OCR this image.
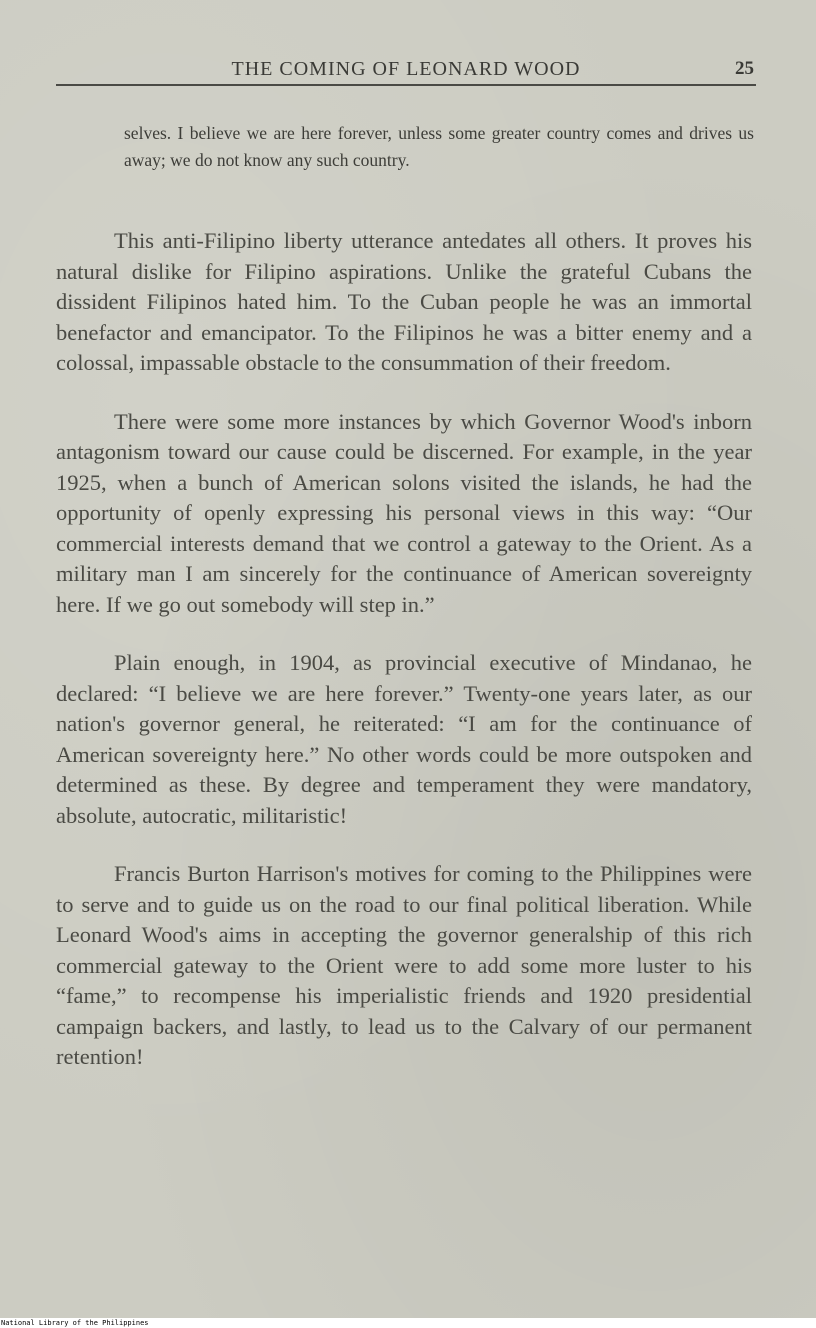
THE COMING OF LEONARD WOOD	25

selves. I believe we are here forever, unless some greater country comes and drives us away; we do not know any such country.

This anti-Filipino liberty utterance antedates all others. It proves his natural dislike for Filipino aspirations. Unlike the grateful Cubans the dissident Filipinos hated him. To the Cuban people he was an immortal benefactor and emancipator. To the Filipinos he was a bitter enemy and a colossal, impassable obstacle to the consummation of their freedom.

There were some more instances by which Governor Wood's inborn antagonism toward our cause could be discerned. For example, in the year 1925, when a bunch of American solons visited the islands, he had the opportunity of openly expressing his personal views in this way: “Our commercial interests demand that we control a gateway to the Orient. As a military man I am sincerely for the continuance of American sovereignty here. If we go out somebody will step in.”

Plain enough, in 1904, as provincial executive of Mindanao, he declared: “I believe we are here forever.” Twenty-one years later, as our nation's governor general, he reiterated: “I am for the continuance of American sovereignty here.” No other words could be more outspoken and determined as these. By degree and temperament they were mandatory, absolute, autocratic, militaristic!

Francis Burton Harrison's motives for coming to the Philippines were to serve and to guide us on the road to our final political liberation. While Leonard Wood's aims in accepting the governor generalship of this rich commercial gateway to the Orient were to add some more luster to his “fame,” to recompense his imperialistic friends and 1920 presidential campaign backers, and lastly, to lead us to the Calvary of our permanent retention!

National Library of the Philippines
